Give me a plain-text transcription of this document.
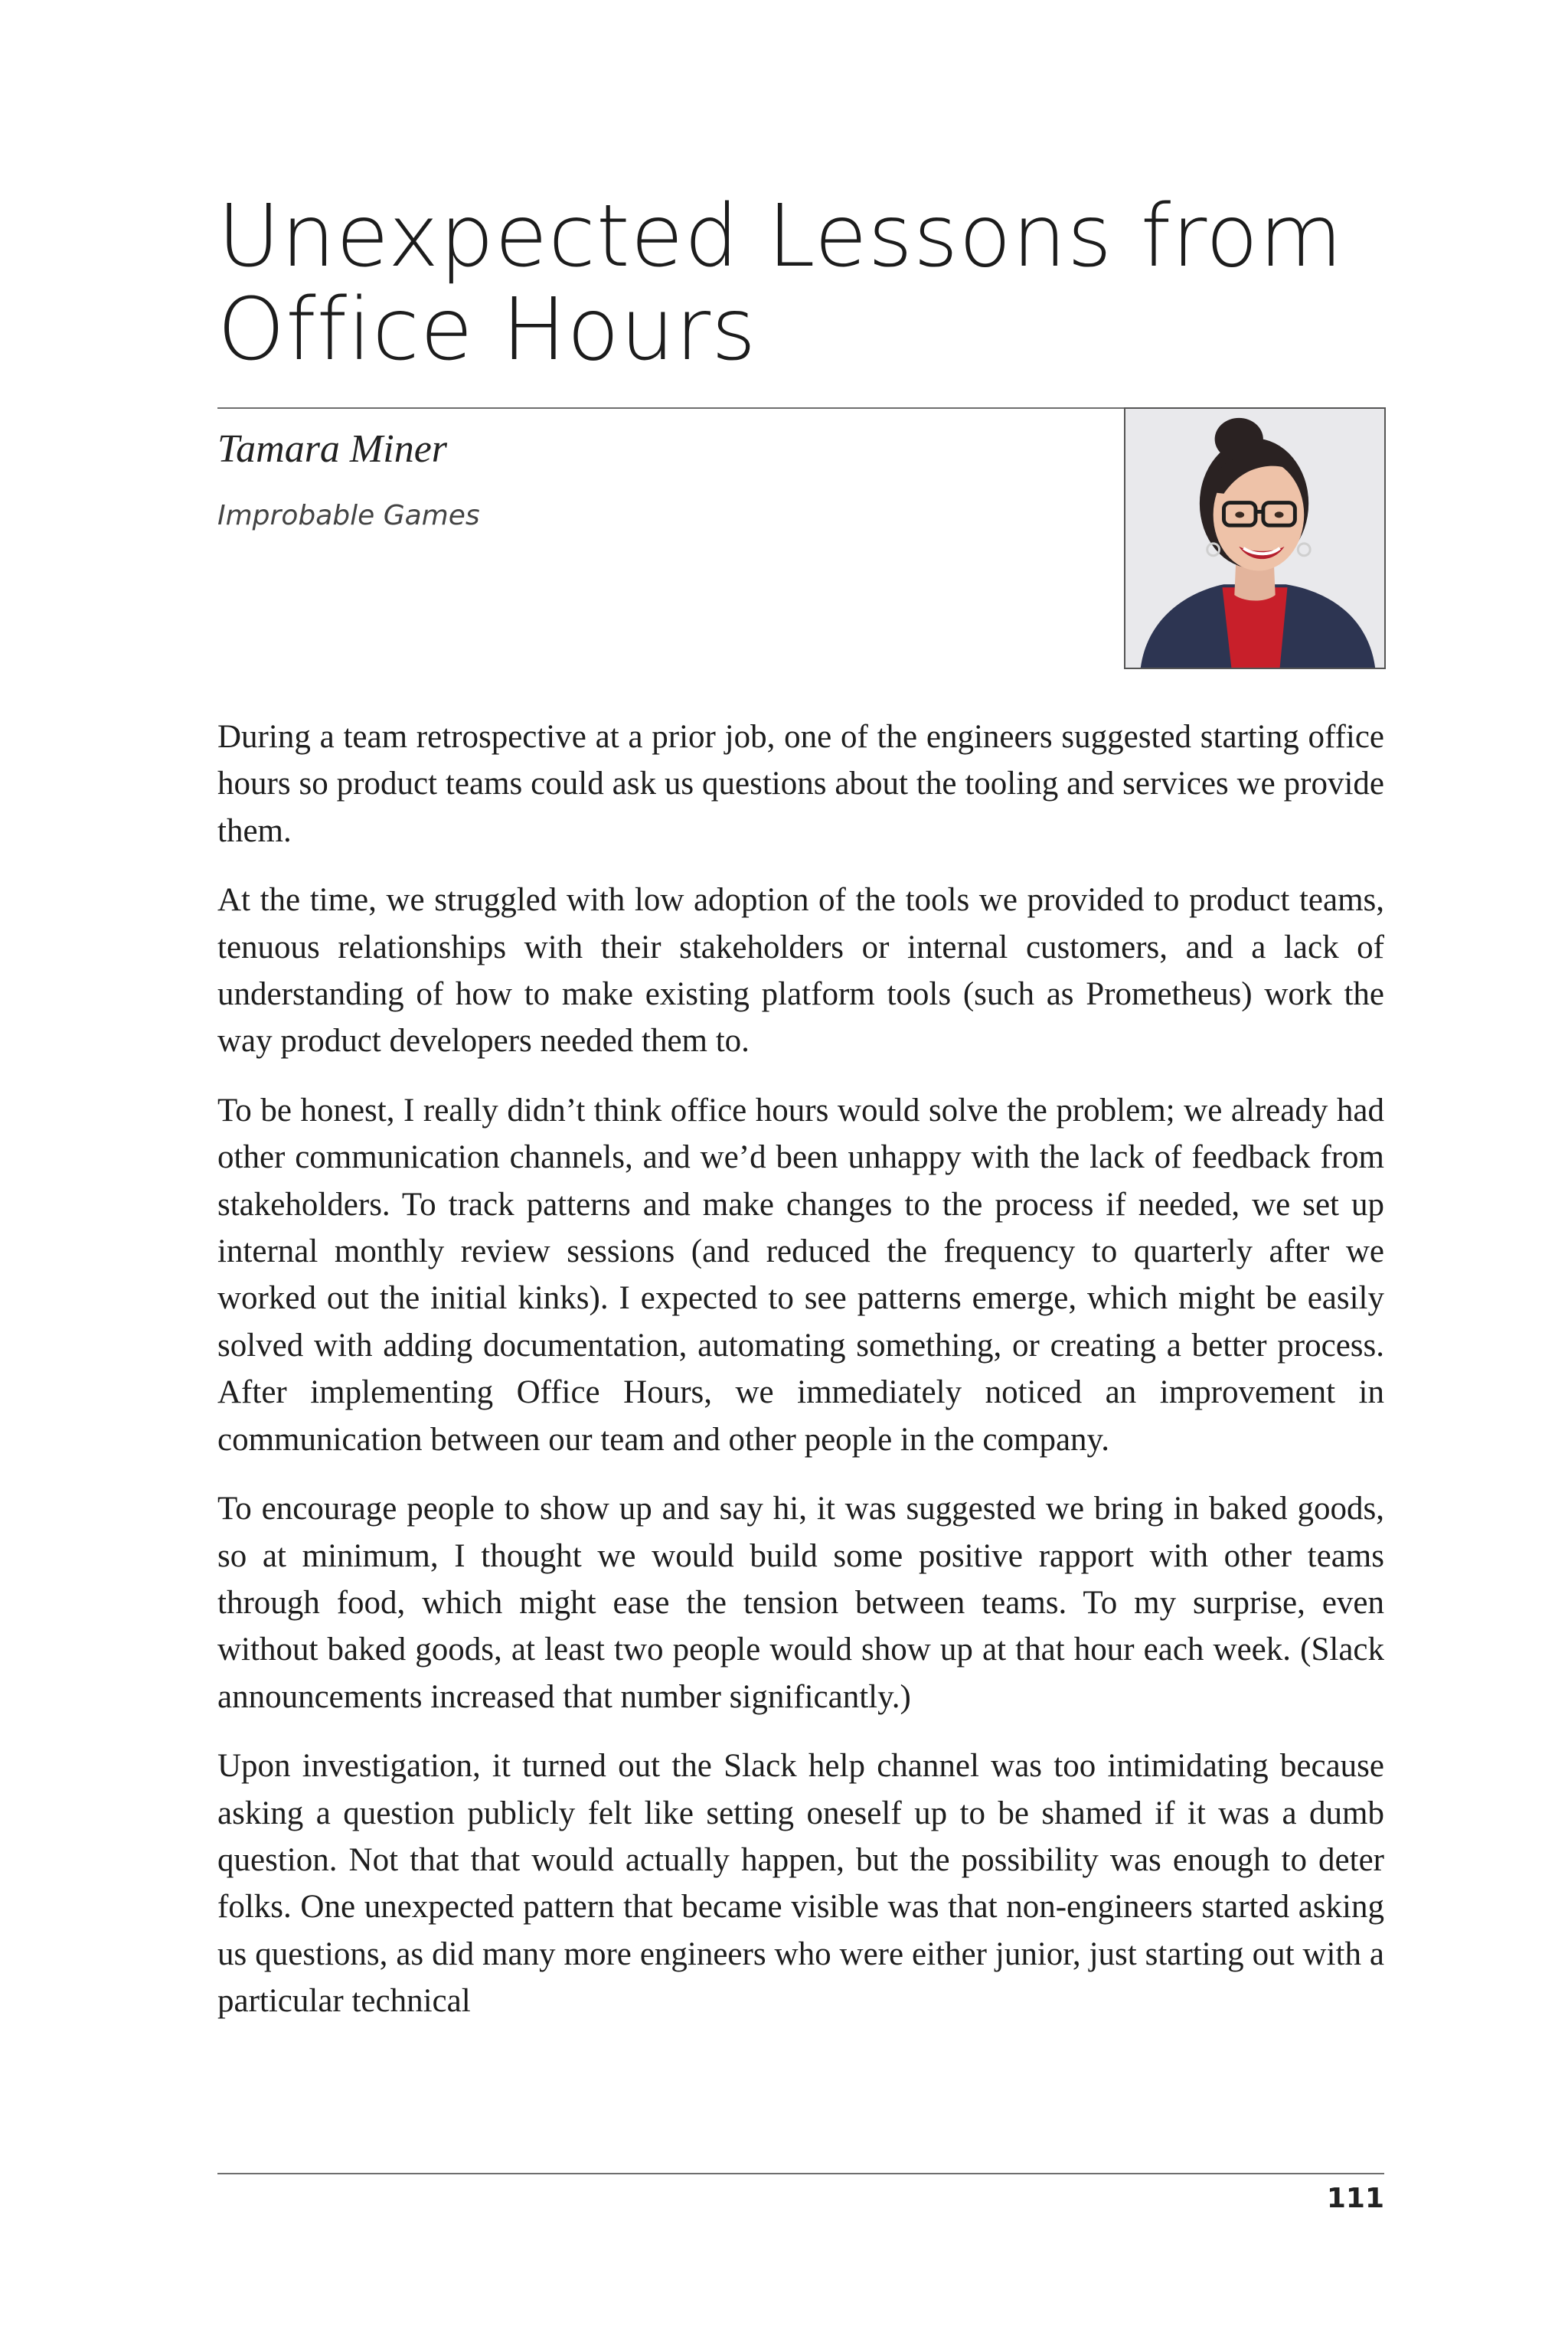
Unexpected Lessons from Office Hours
Tamara Miner
Improbable Games

During a team retrospective at a prior job, one of the engineers suggested starting office hours so product teams could ask us questions about the tooling and services we provide them.

At the time, we struggled with low adoption of the tools we provided to product teams, tenuous relationships with their stakeholders or internal customers, and a lack of understanding of how to make existing platform tools (such as Prometheus) work the way product developers needed them to.

To be honest, I really didn’t think office hours would solve the problem; we already had other communication channels, and we’d been unhappy with the lack of feedback from stakeholders. To track patterns and make changes to the process if needed, we set up internal monthly review sessions (and reduced the frequency to quarterly after we worked out the initial kinks). I expected to see patterns emerge, which might be easily solved with adding documentation, automating something, or creating a better process. After implementing Office Hours, we immediately noticed an improvement in communication between our team and other people in the company.

To encourage people to show up and say hi, it was suggested we bring in baked goods, so at minimum, I thought we would build some positive rapport with other teams through food, which might ease the tension between teams. To my surprise, even without baked goods, at least two people would show up at that hour each week. (Slack announcements increased that number significantly.)

Upon investigation, it turned out the Slack help channel was too intimidating because asking a question publicly felt like setting oneself up to be shamed if it was a dumb question. Not that that would actually happen, but the possibility was enough to deter folks. One unexpected pattern that became visible was that non-engineers started asking us questions, as did many more engineers who were either junior, just starting out with a particular technical

111
